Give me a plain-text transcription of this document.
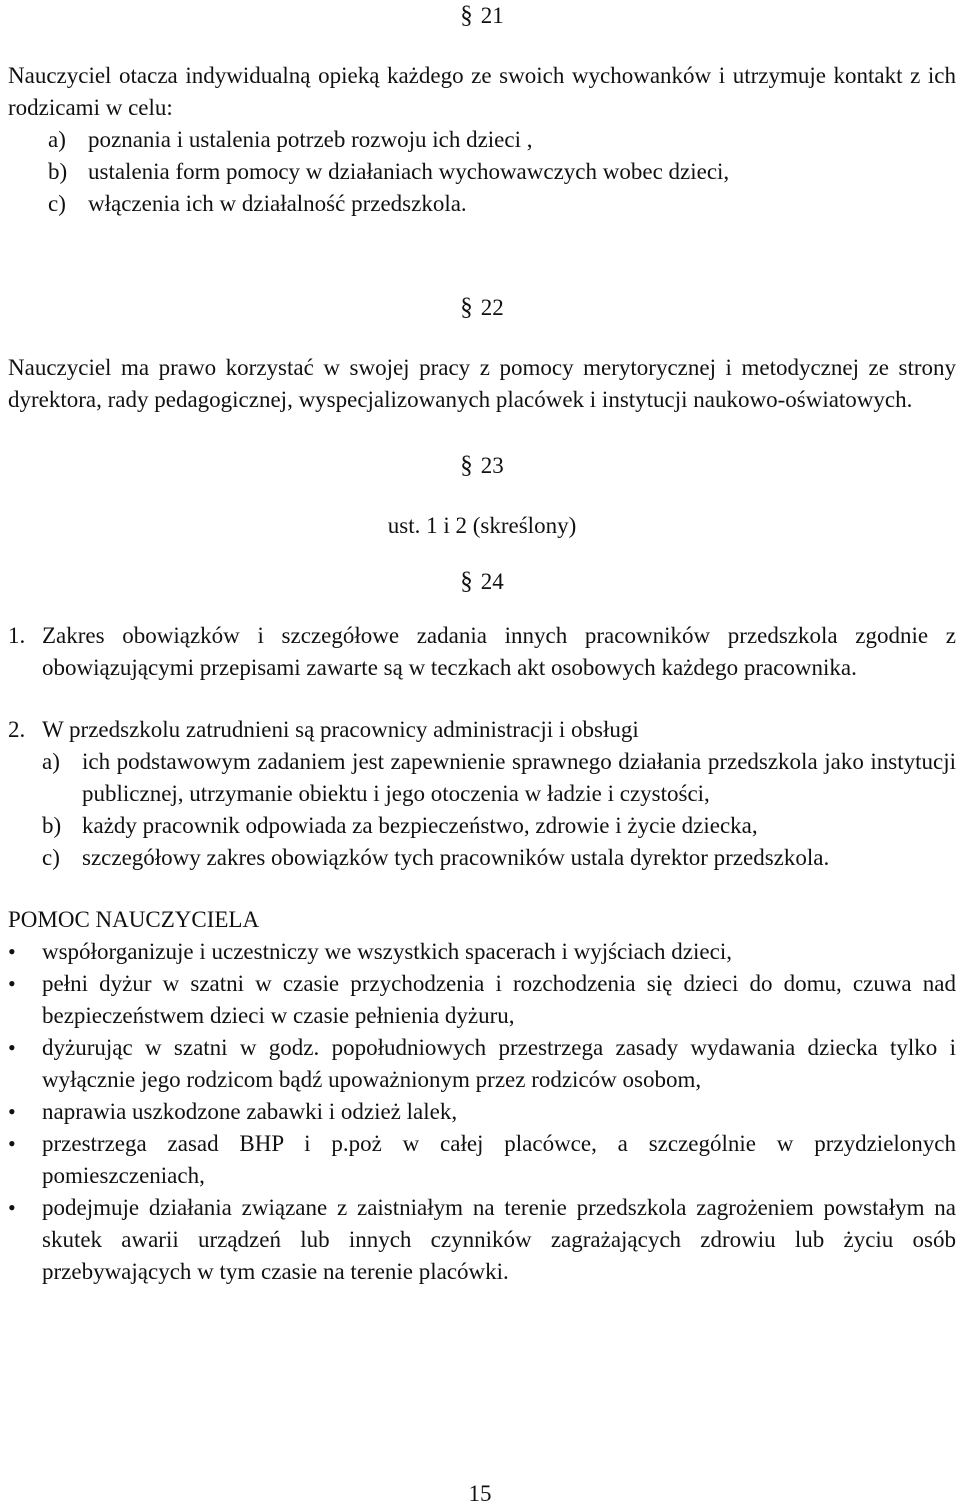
§ 21

Nauczyciel otacza indywidualną opieką każdego ze swoich wychowanków i utrzymuje kontakt z ich rodzicami w celu:

a) poznania i ustalenia potrzeb rozwoju ich dzieci ,
b) ustalenia form pomocy w działaniach wychowawczych wobec dzieci,
c) włączenia ich w działalność przedszkola.
§ 22

Nauczyciel ma prawo korzystać w swojej pracy z pomocy merytorycznej i metodycznej ze strony dyrektora, rady pedagogicznej, wyspecjalizowanych placówek i instytucji naukowo-oświatowych.

§ 23

ust. 1 i 2 (skreślony)

§ 24
1. Zakres obowiązków i szczegółowe zadania innych pracowników przedszkola zgodnie z obowiązującymi przepisami zawarte są w teczkach akt osobowych każdego pracownika.
2. W przedszkolu zatrudnieni są pracownicy administracji i obsługi
a) ich podstawowym zadaniem jest zapewnienie sprawnego działania przedszkola jako instytucji publicznej, utrzymanie obiektu i jego otoczenia w ładzie i czystości,
b) każdy pracownik odpowiada za bezpieczeństwo, zdrowie i życie dziecka,
c) szczegółowy zakres obowiązków tych pracowników ustala dyrektor przedszkola.

POMOC NAUCZYCIELA

•	współorganizuje i uczestniczy we wszystkich spacerach i wyjściach dzieci,
•	pełni dyżur w szatni w czasie przychodzenia i rozchodzenia się dzieci do domu, czuwa nad bezpieczeństwem dzieci w czasie pełnienia dyżuru,
•	dyżurując w szatni w godz. popołudniowych przestrzega zasady wydawania dziecka tylko i wyłącznie jego rodzicom bądź upoważnionym przez rodziców osobom,
•	naprawia uszkodzone zabawki i odzież lalek,
•	przestrzega zasad BHP i p.poż w całej placówce, a szczególnie w przydzielonych pomieszczeniach,
•	podejmuje działania związane z zaistniałym na terenie przedszkola zagrożeniem powstałym na skutek awarii urządzeń lub innych czynników zagrażających zdrowiu lub życiu osób przebywających w tym czasie na terenie placówki.
15
